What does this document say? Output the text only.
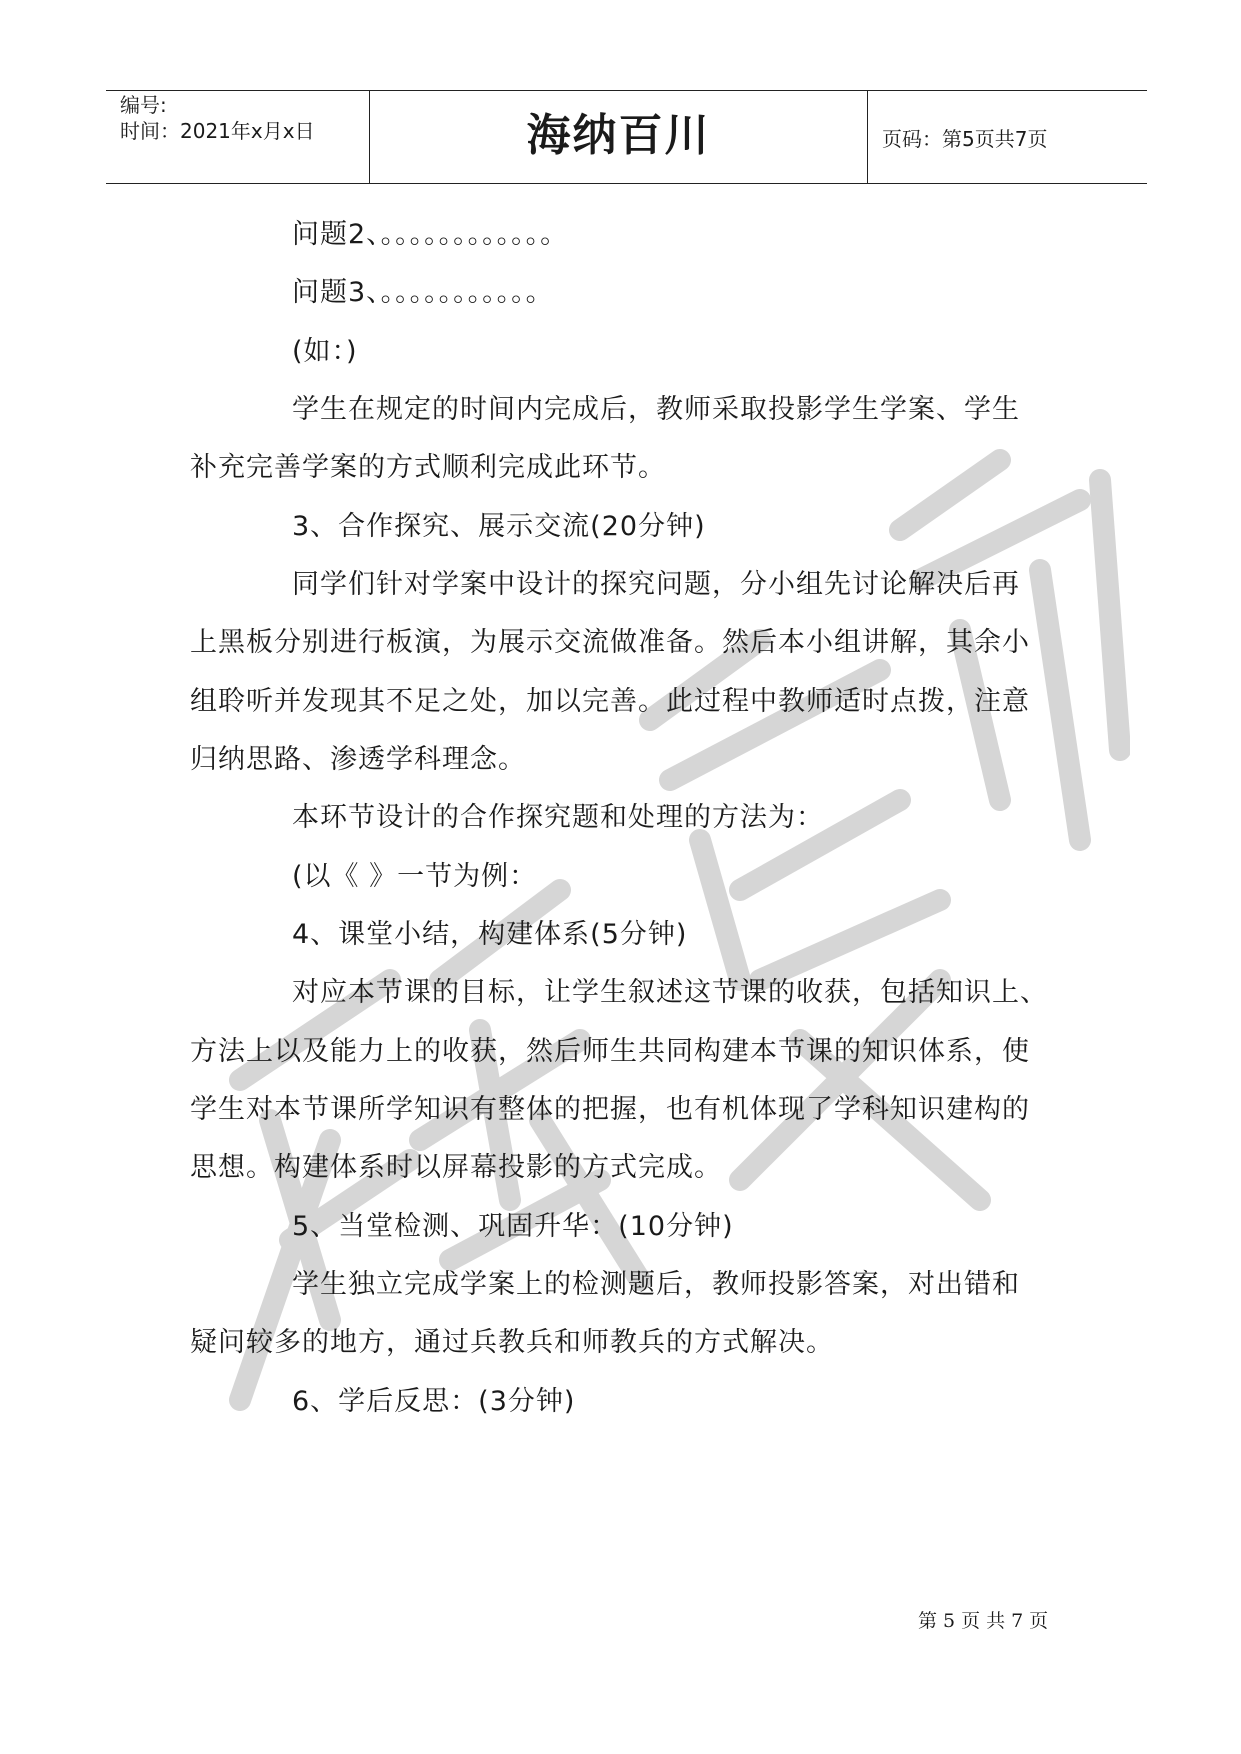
编号:
时间：2021年x月x日	海纳百川	页码：第5页共7页
问题2、。。。。。。。。。。。。
问题3、。。。。。。。。。。。
(如：)
学生在规定的时间内完成后，教师采取投影学生学案、学生
补充完善学案的方式顺利完成此环节。
3、合作探究、展示交流(20分钟)
同学们针对学案中设计的探究问题，分小组先讨论解决后再
上黑板分别进行板演，为展示交流做准备。然后本小组讲解，其余小
组聆听并发现其不足之处，加以完善。此过程中教师适时点拨，注意
归纳思路、渗透学科理念。
本环节设计的合作探究题和处理的方法为：
(以《 》一节为例：
4、课堂小结，构建体系(5分钟)
对应本节课的目标，让学生叙述这节课的收获，包括知识上、
方法上以及能力上的收获，然后师生共同构建本节课的知识体系，使
学生对本节课所学知识有整体的把握，也有机体现了学科知识建构的
思想。构建体系时以屏幕投影的方式完成。
5、当堂检测、巩固升华：(10分钟)
学生独立完成学案上的检测题后，教师投影答案，对出错和
疑问较多的地方，通过兵教兵和师教兵的方式解决。
6、学后反思：(3分钟)
第5页共7页
